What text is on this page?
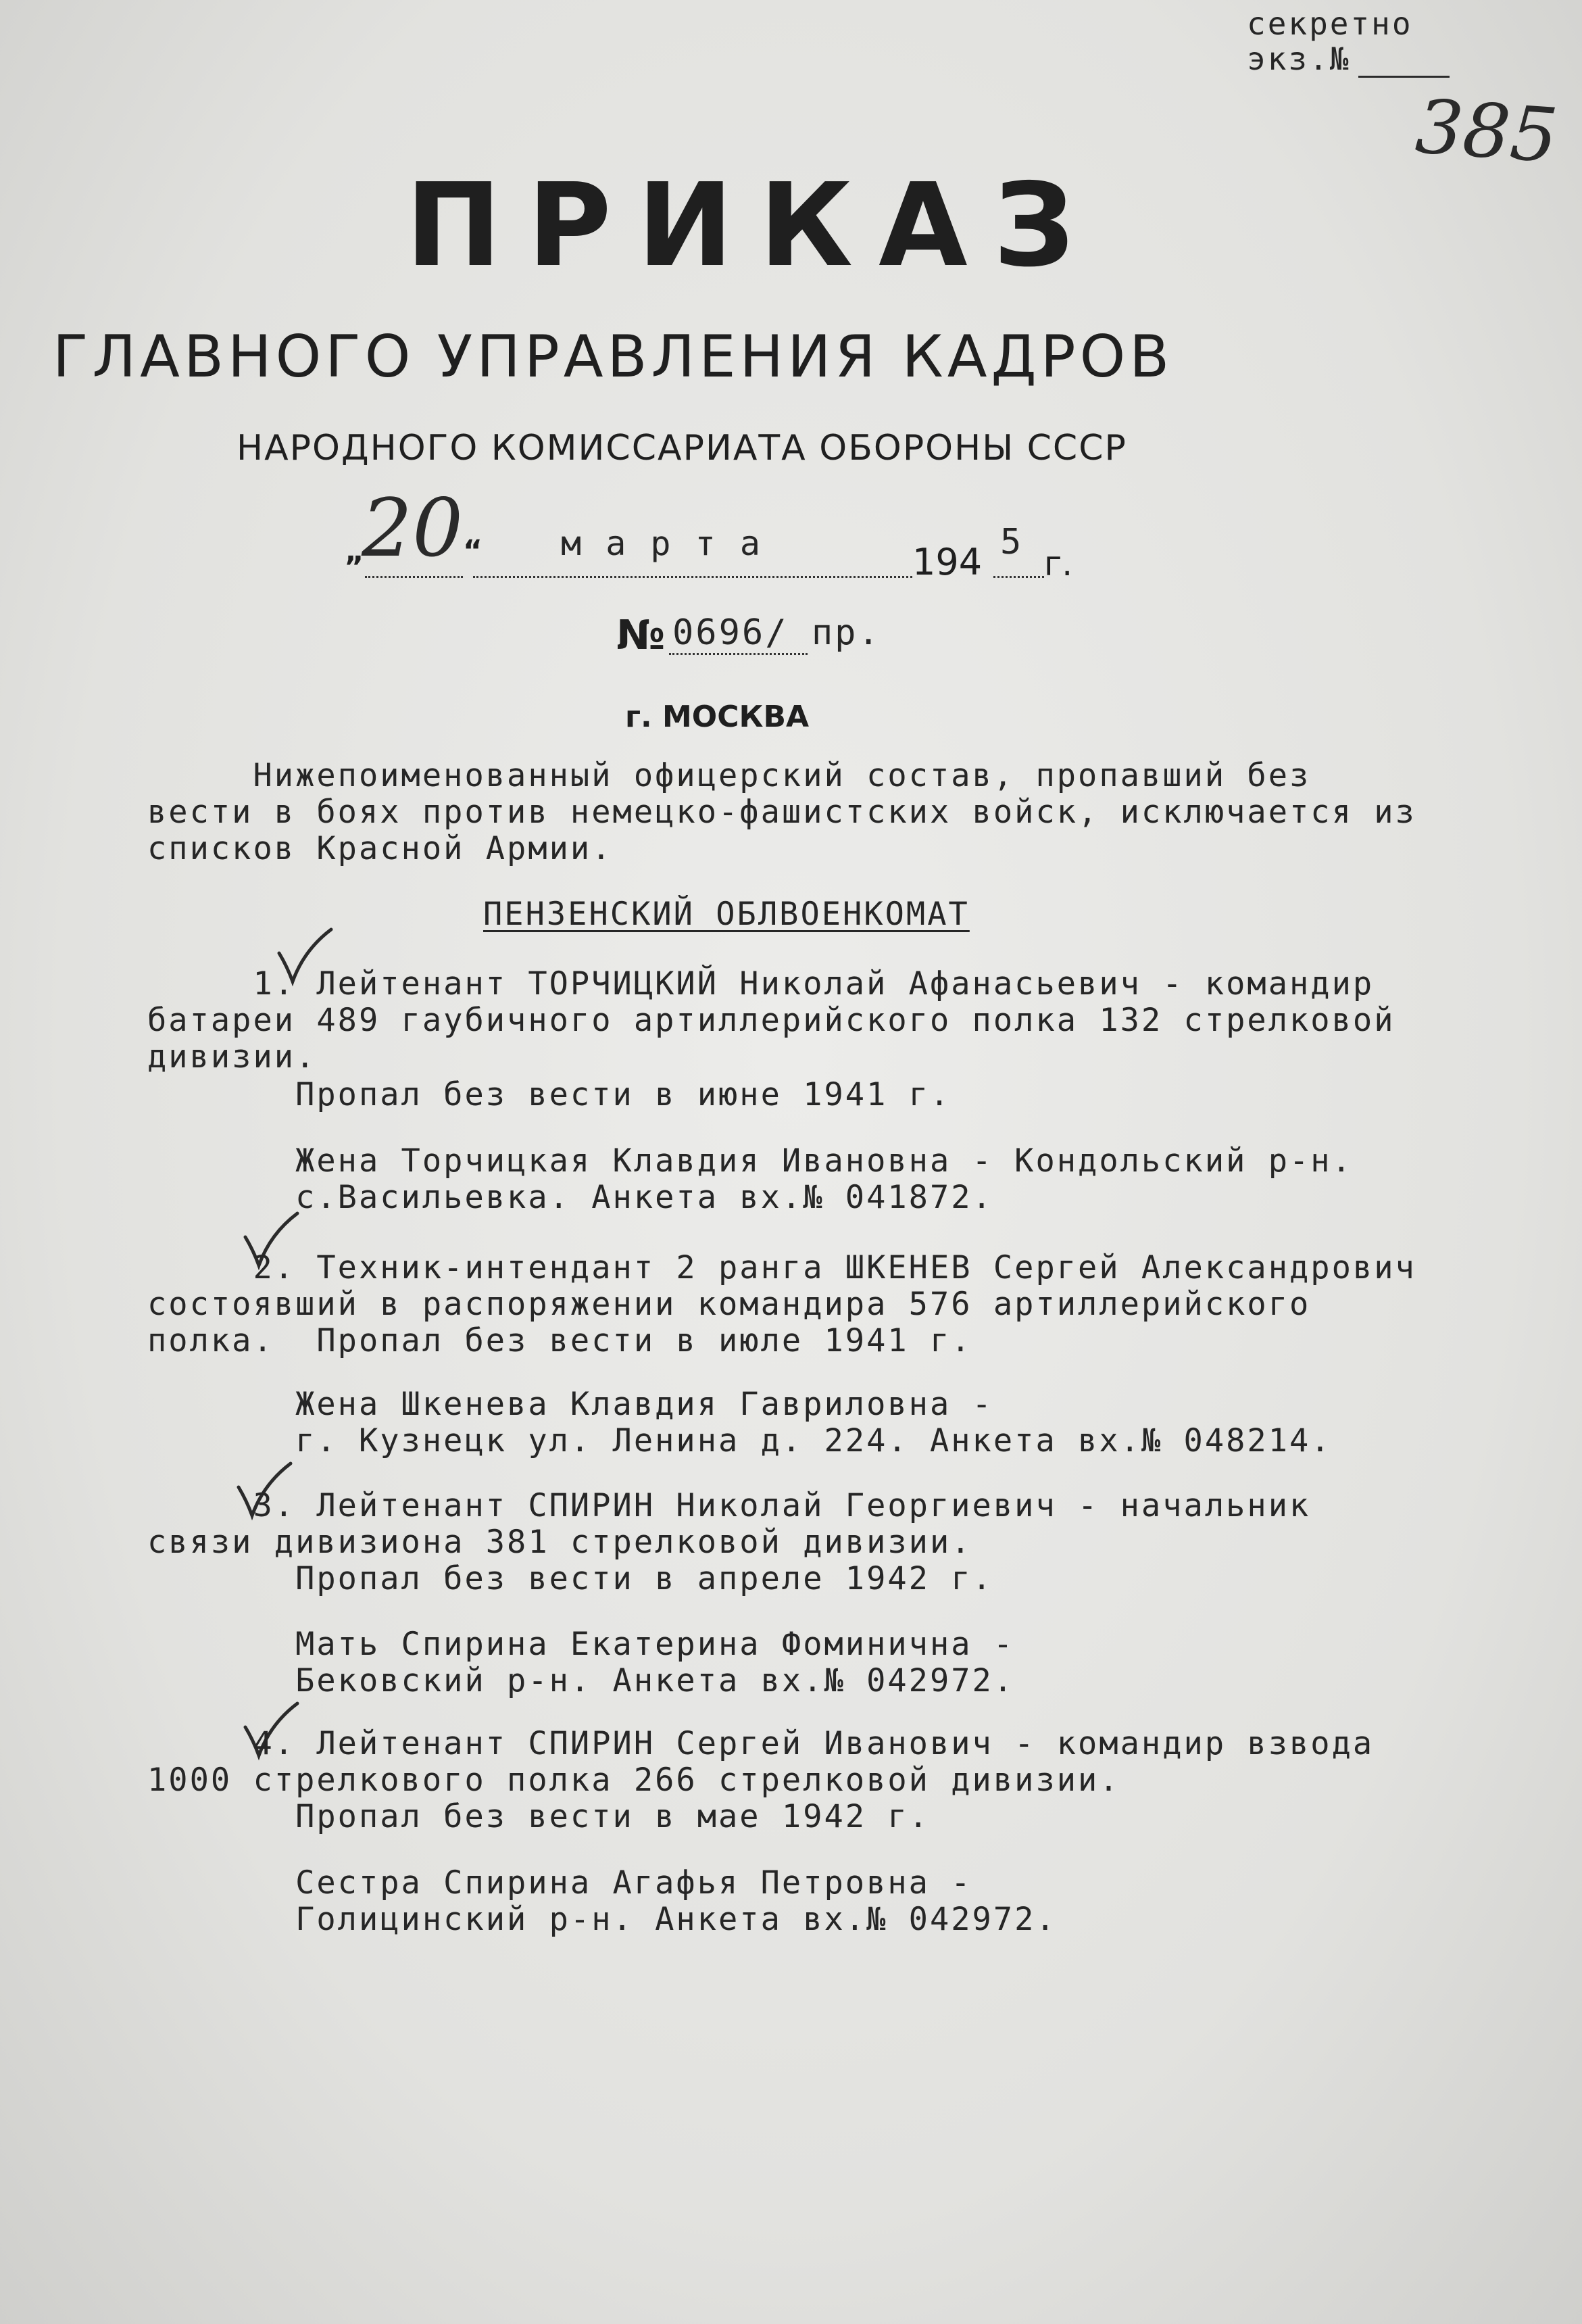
секретно
экз.№
385
ПРИКАЗ
ГЛАВНОГО УПРАВЛЕНИЯ КАДРОВ
НАРОДНОГО КОМИССАРИАТА ОБОРОНЫ СССР
„
20 “ м а р т а	194 5
г.
№ 0696/ пр.
г. МОСКВА
Нижепоименованный офицерский состав, пропавший без
вести в боях против немецко-фашистских войск, исключается из
списков Красной Армии.
ПЕНЗЕНСКИЙ ОБЛВОЕНКОМАТ
1. Лейтенант ТОРЧИЦКИЙ Николай Афанасьевич - командир
батареи 489 гаубичного артиллерийского полка 132 стрелковой
дивизии.
Пропал без вести в июне 1941 г.
Жена Торчицкая Клавдия Ивановна - Кондольский р-н.
с.Васильевка. Анкета вх.№ 041872.
2. Техник-интендант 2 ранга ШКЕНЕВ Сергей Александрович
состоявший в распоряжении командира 576 артиллерийского
полка.  Пропал без вести в июле 1941 г.
Жена Шкенева Клавдия Гавриловна -
г. Кузнецк ул. Ленина д. 224. Анкета вх.№ 048214.
3. Лейтенант СПИРИН Николай Георгиевич - начальник
связи дивизиона 381 стрелковой дивизии.
Пропал без вести в апреле 1942 г.
Мать Спирина Екатерина Фоминична -
Бековский р-н. Анкета вх.№ 042972.
4. Лейтенант СПИРИН Сергей Иванович - командир взвода
1000 стрелкового полка 266 стрелковой дивизии.
Пропал без вести в мае 1942 г.
Сестра Спирина Агафья Петровна -
Голицинский р-н. Анкета вх.№ 042972.
